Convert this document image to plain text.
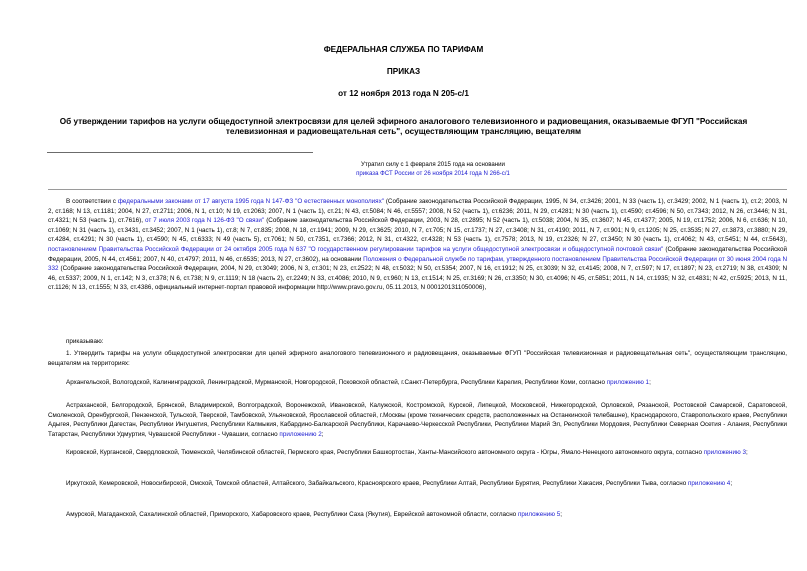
ФЕДЕРАЛЬНАЯ СЛУЖБА ПО ТАРИФАМ
ПРИКАЗ
от 12 ноября 2013 года N 205-с/1
Об утверждении тарифов на услуги общедоступной электросвязи для целей эфирного аналогового телевизионного и радиовещания, оказываемые ФГУП "Российская телевизионная и радиовещательная сеть", осуществляющим трансляцию, вещателям
Утратил силу с 1 февраля 2015 года на основании
приказа ФСТ России от 26 ноября 2014 года N 266-с/1
В соответствии с федеральными законами от 17 августа 1995 года N 147-ФЗ "О естественных монополиях" (Собрание законодательства Российской Федерации, 1995, N 34, ст.3426; 2001, N 33 (часть 1), ст.3429; 2002, N 1 (часть 1), ст.2; 2003, N 2, ст.168; N 13, ст.1181; 2004, N 27, ст.2711; 2006, N 1, ст.10; N 19, ст.2063; 2007, N 1 (часть 1), ст.21; N 43, ст.5084; N 46, ст.5557; 2008, N 52 (часть 1), ст.6236; 2011, N 29, ст.4281; N 30 (часть 1), ст.4590; ст.4596; N 50, ст.7343; 2012, N 26, ст.3446; N 31, ст.4321; N 53 (часть 1), ст.7616), от 7 июля 2003 года N 126-ФЗ "О связи" (Собрание законодательства Российской Федерации, 2003, N 28, ст.2895; N 52 (часть 1), ст.5038; 2004, N 35, ст.3607; N 45, ст.4377; 2005, N 19, ст.1752; 2006, N 6, ст.636; N 10, ст.1069; N 31 (часть 1), ст.3431, ст.3452; 2007, N 1 (часть 1), ст.8; N 7, ст.835; 2008, N 18, ст.1941; 2009, N 29, ст.3625; 2010, N 7, ст.705; N 15, ст.1737; N 27, ст.3408; N 31, ст.4190; 2011, N 7, ст.901; N 9, ст.1205; N 25, ст.3535; N 27, ст.3873, ст.3880; N 29, ст.4284, ст.4291; N 30 (часть 1), ст.4590; N 45, ст.6333; N 49 (часть 5), ст.7061; N 50, ст.7351, ст.7366; 2012, N 31, ст.4322, ст.4328; N 53 (часть 1), ст.7578; 2013, N 19, ст.2326; N 27, ст.3450; N 30 (часть 1), ст.4062; N 43, ст.5451; N 44, ст.5643), постановлением Правительства Российской Федерации от 24 октября 2005 года N 637 "О государственном регулировании тарифов на услуги общедоступной электросвязи и общедоступной почтовой связи" (Собрание законодательства Российской Федерации, 2005, N 44, ст.4561; 2007, N 40, ст.4797; 2011, N 46, ст.6535; 2013, N 27, ст.3602), на основании Положения о Федеральной службе по тарифам, утвержденного постановлением Правительства Российской Федерации от 30 июня 2004 года N 332 (Собрание законодательства Российской Федерации, 2004, N 29, ст.3049; 2006, N 3, ст.301; N 23, ст.2522; N 48, ст.5032; N 50, ст.5354; 2007, N 16, ст.1912; N 25, ст.3039; N 32, ст.4145; 2008, N 7, ст.597; N 17, ст.1897; N 23, ст.2719; N 38, ст.4309; N 46, ст.5337; 2009, N 1, ст.142; N 3, ст.378; N 6, ст.738; N 9, ст.1119; N 18 (часть 2), ст.2249; N 33, ст.4086; 2010, N 9, ст.960; N 13, ст.1514; N 25, ст.3169; N 26, ст.3350; N 30, ст.4096; N 45, ст.5851; 2011, N 14, ст.1935; N 32, ст.4831; N 42, ст.5925; 2013, N 11, ст.1126; N 13, ст.1555; N 33, ст.4386, официальный интернет-портал правовой информации http://www.pravo.gov.ru, 05.11.2013, N 0001201311050006),
приказываю:
1. Утвердить тарифы на услуги общедоступной электросвязи для целей эфирного аналогового телевизионного и радиовещания, оказываемые ФГУП "Российская телевизионная и радиовещательная сеть", осуществляющим трансляцию, вещателям на территориях:
Архангельской, Вологодской, Калининградской, Ленинградской, Мурманской, Новгородской, Псковской областей, г.Санкт-Петербурга, Республики Карелия, Республики Коми, согласно приложению 1;
Астраханской, Белгородской, Брянской, Владимирской, Волгоградской, Воронежской, Ивановской, Калужской, Костромской, Курской, Липецкой, Московской, Нижегородской, Орловской, Рязанской, Ростовской Самарской, Саратовской, Смоленской, Оренбургской, Пензенской, Тульской, Тверской, Тамбовской, Ульяновской, Ярославской областей, г.Москвы (кроме технических средств, расположенных на Останкинской телебашне), Краснодарского, Ставропольского краев, Республики Адыгея, Республики Дагестан, Республики Ингушетия, Республики Калмыкия, Кабардино-Балкарской Республики, Карачаево-Черкесской Республики, Республики Марий Эл, Республики Мордовия, Республики Северная Осетия - Алания, Республики Татарстан, Республики Удмуртия, Чувашской Республики - Чувашии, согласно приложению 2;
Кировской, Курганской, Свердловской, Тюменской, Челябинской областей, Пермского края, Республики Башкортостан, Ханты-Мансийского автономного округа - Югры, Ямало-Ненецкого автономного округа, согласно приложению 3;
Иркутской, Кемеровской, Новосибирской, Омской, Томской областей, Алтайского, Забайкальского, Красноярского краев, Республики Алтай, Республики Бурятия, Республики Хакасия, Республики Тыва, согласно приложению 4;
Амурской, Магаданской, Сахалинской областей, Приморского, Хабаровского краев, Республики Саха (Якутия), Еврейской автономной области, согласно приложению 5;
